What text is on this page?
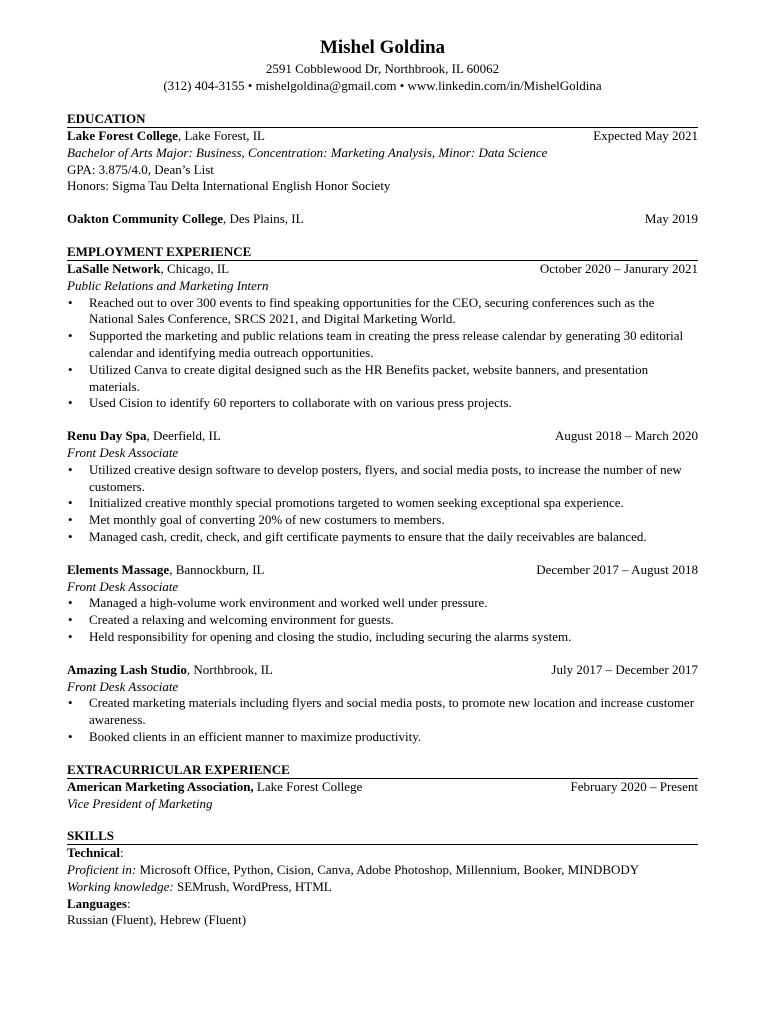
Mishel Goldina
2591 Cobblewood Dr, Northbrook, IL 60062
(312) 404-3155 • mishelgoldina@gmail.com • www.linkedin.com/in/MishelGoldina
EDUCATION
Lake Forest College, Lake Forest, IL	Expected May 2021
Bachelor of Arts Major: Business, Concentration: Marketing Analysis, Minor: Data Science
GPA: 3.875/4.0, Dean’s List
Honors: Sigma Tau Delta International English Honor Society
Oakton Community College, Des Plains, IL	May 2019
EMPLOYMENT EXPERIENCE
LaSalle Network, Chicago, IL	October 2020 – Janurary 2021
Public Relations and Marketing Intern
• Reached out to over 300 events to find speaking opportunities for the CEO, securing conferences such as the National Sales Conference, SRCS 2021, and Digital Marketing World.
• Supported the marketing and public relations team in creating the press release calendar by generating 30 editorial calendar and identifying media outreach opportunities.
• Utilized Canva to create digital designed such as the HR Benefits packet, website banners, and presentation materials.
• Used Cision to identify 60 reporters to collaborate with on various press projects.
Renu Day Spa, Deerfield, IL	August 2018 – March 2020
Front Desk Associate
• Utilized creative design software to develop posters, flyers, and social media posts, to increase the number of new customers.
• Initialized creative monthly special promotions targeted to women seeking exceptional spa experience.
• Met monthly goal of converting 20% of new costumers to members.
• Managed cash, credit, check, and gift certificate payments to ensure that the daily receivables are balanced.
Elements Massage, Bannockburn, IL	December 2017 – August 2018
Front Desk Associate
• Managed a high-volume work environment and worked well under pressure.
• Created a relaxing and welcoming environment for guests.
• Held responsibility for opening and closing the studio, including securing the alarms system.
Amazing Lash Studio, Northbrook, IL	July 2017 – December 2017
Front Desk Associate
• Created marketing materials including flyers and social media posts, to promote new location and increase customer awareness.
• Booked clients in an efficient manner to maximize productivity.
EXTRACURRICULAR EXPERIENCE
American Marketing Association, Lake Forest College	February 2020 – Present
Vice President of Marketing
SKILLS
Technical:
Proficient in: Microsoft Office, Python, Cision, Canva, Adobe Photoshop, Millennium, Booker, MINDBODY
Working knowledge: SEMrush, WordPress, HTML
Languages:
Russian (Fluent), Hebrew (Fluent)
